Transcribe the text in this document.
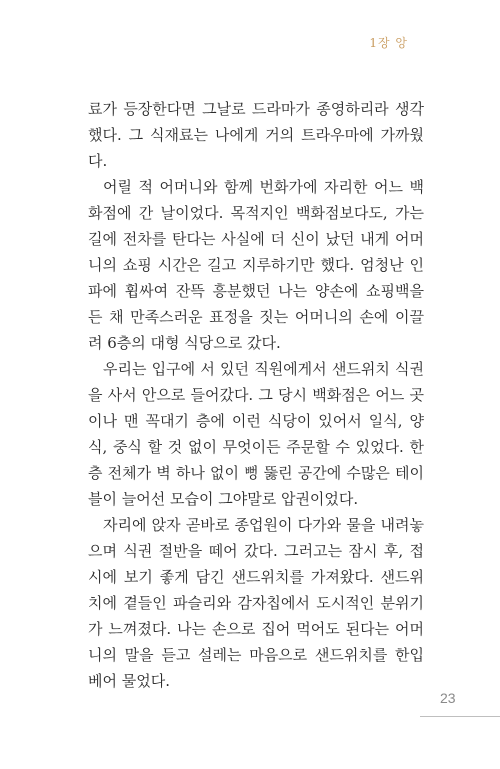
1장 앙

료가 등장한다면 그날로 드라마가 종영하리라 생각했다. 그 식재료는 나에게 거의 트라우마에 가까웠다.

어릴 적 어머니와 함께 번화가에 자리한 어느 백화점에 간 날이었다. 목적지인 백화점보다도, 가는 길에 전차를 탄다는 사실에 더 신이 났던 내게 어머니의 쇼핑 시간은 길고 지루하기만 했다. 엄청난 인파에 휩싸여 잔뜩 흥분했던 나는 양손에 쇼핑백을 든 채 만족스러운 표정을 짓는 어머니의 손에 이끌려 6층의 대형 식당으로 갔다.

우리는 입구에 서 있던 직원에게서 샌드위치 식권을 사서 안으로 들어갔다. 그 당시 백화점은 어느 곳이나 맨 꼭대기 층에 이런 식당이 있어서 일식, 양식, 중식 할 것 없이 무엇이든 주문할 수 있었다. 한 층 전체가 벽 하나 없이 뻥 뚫린 공간에 수많은 테이블이 늘어선 모습이 그야말로 압권이었다.

자리에 앉자 곧바로 종업원이 다가와 물을 내려놓으며 식권 절반을 떼어 갔다. 그러고는 잠시 후, 접시에 보기 좋게 담긴 샌드위치를 가져왔다. 샌드위치에 곁들인 파슬리와 감자칩에서 도시적인 분위기가 느껴졌다. 나는 손으로 집어 먹어도 된다는 어머니의 말을 듣고 설레는 마음으로 샌드위치를 한입 베어 물었다.

23
